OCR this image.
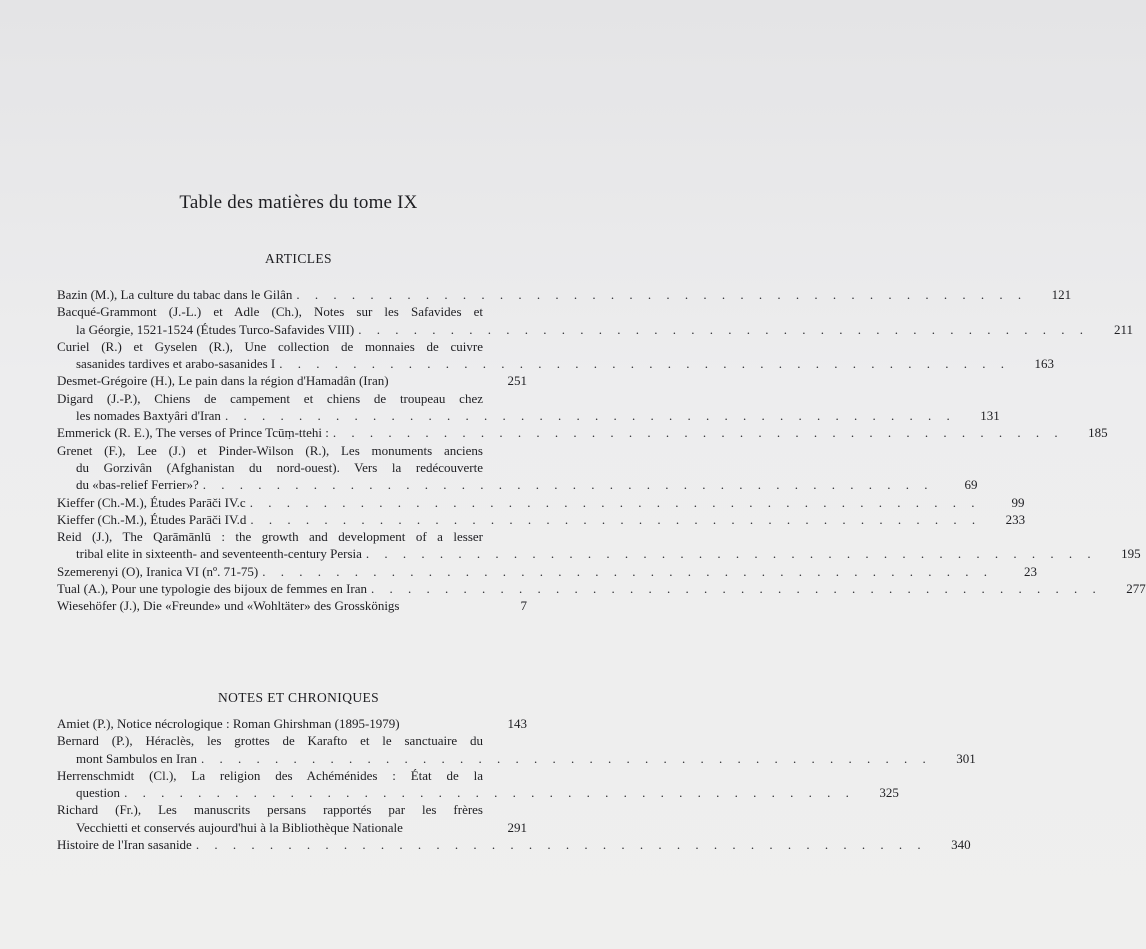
Table des matières du tome IX
ARTICLES
Bazin (M.), La culture du tabac dans le Gilân . . . . . . . . . . . . . . . . . . . . . . . . . . . . . . . . . . . . . . . .	121
Bacqué-Grammont (J.-L.) et Adle (Ch.), Notes sur les Safavides et
la Géorgie, 1521-1524 (Études Turco-Safavides VIII) . . . . . . . . . . . . . . . . . . . . . . . . . . . . . . . . . . . . . . . .	211
Curiel (R.) et Gyselen (R.), Une collection de monnaies de cuivre
sasanides tardives et arabo-sasanides I . . . . . . . . . . . . . . . . . . . . . . . . . . . . . . . . . . . . . . . .	163
Desmet-Grégoire (H.), Le pain dans la région d'Hamadân (Iran)	251
Digard (J.-P.), Chiens de campement et chiens de troupeau chez
les nomades Baxtyâri d'Iran . . . . . . . . . . . . . . . . . . . . . . . . . . . . . . . . . . . . . . . .	131
Emmerick (R. E.), The verses of Prince Tcūṃ-ttehi : . . . . . . . . . . . . . . . . . . . . . . . . . . . . . . . . . . . . . . . .	185
Grenet (F.), Lee (J.) et Pinder-Wilson (R.), Les monuments anciens
du Gorzivân (Afghanistan du nord-ouest). Vers la redécouverte
du «bas-relief Ferrier»? . . . . . . . . . . . . . . . . . . . . . . . . . . . . . . . . . . . . . . . .	69
Kieffer (Ch.-M.), Études Parāči IV.c . . . . . . . . . . . . . . . . . . . . . . . . . . . . . . . . . . . . . . . .	99
Kieffer (Ch.-M.), Études Parāči IV.d . . . . . . . . . . . . . . . . . . . . . . . . . . . . . . . . . . . . . . . .	233
Reid (J.), The Qarāmānlū : the growth and development of a lesser
tribal elite in sixteenth- and seventeenth-century Persia . . . . . . . . . . . . . . . . . . . . . . . . . . . . . . . . . . . . . . . .	195
Szemerenyi (O), Iranica VI (nº. 71-75) . . . . . . . . . . . . . . . . . . . . . . . . . . . . . . . . . . . . . . . .	23
Tual (A.), Pour une typologie des bijoux de femmes en Iran . . . . . . . . . . . . . . . . . . . . . . . . . . . . . . . . . . . . . . . .	277
Wiesehöfer (J.), Die «Freunde» und «Wohltäter» des Grosskönigs	7
NOTES ET CHRONIQUES
Amiet (P.), Notice nécrologique : Roman Ghirshman (1895-1979)	143
Bernard (P.), Héraclès, les grottes de Karafto et le sanctuaire du
mont Sambulos en Iran . . . . . . . . . . . . . . . . . . . . . . . . . . . . . . . . . . . . . . . .	301
Herrenschmidt (Cl.), La religion des Achéménides : État de la
question . . . . . . . . . . . . . . . . . . . . . . . . . . . . . . . . . . . . . . . .	325
Richard (Fr.), Les manuscrits persans rapportés par les frères
Vecchietti et conservés aujourd'hui à la Bibliothèque Nationale	291
Histoire de l'Iran sasanide . . . . . . . . . . . . . . . . . . . . . . . . . . . . . . . . . . . . . . . .	340
